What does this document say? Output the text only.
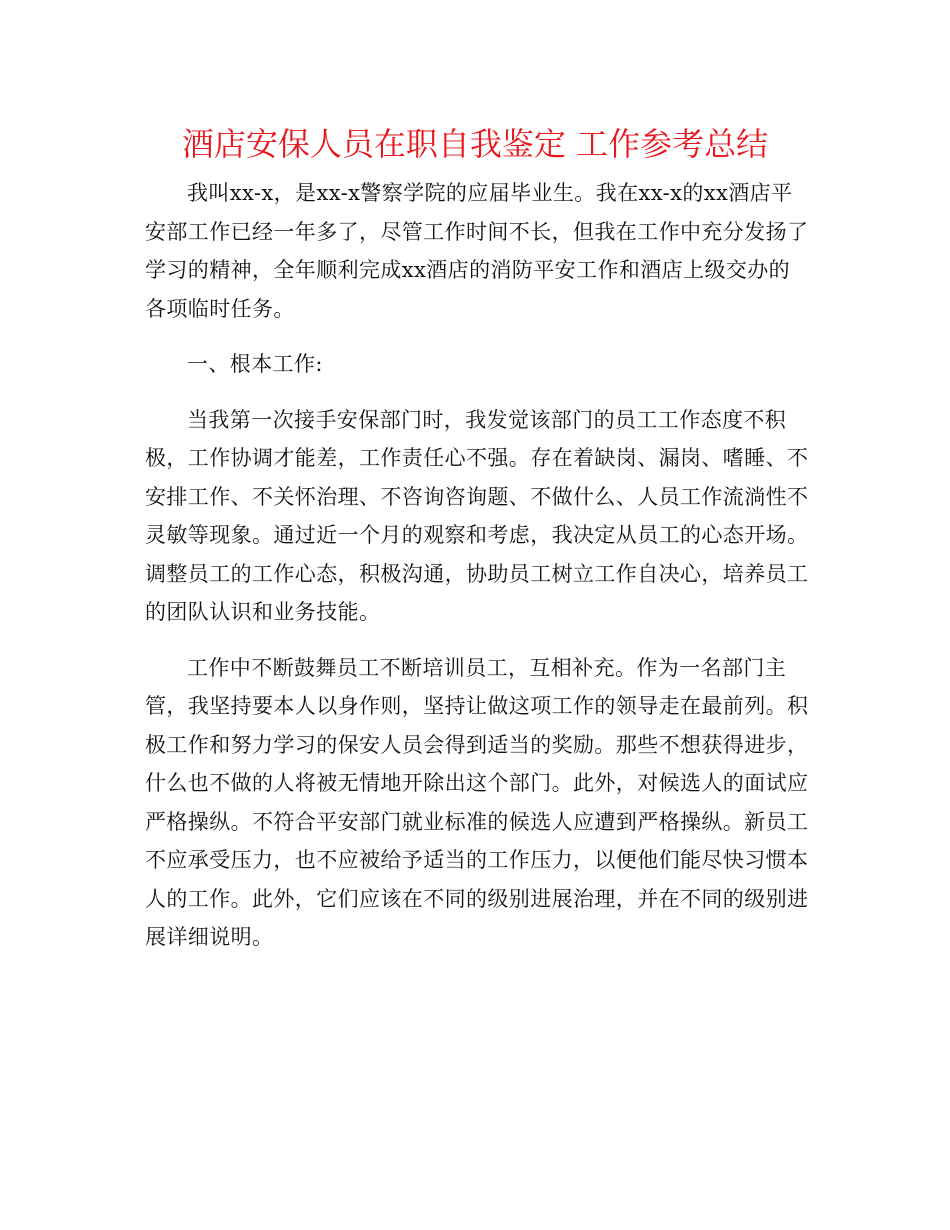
酒店安保人员在职自我鉴定 工作参考总结

我叫xx-x，是xx-x警察学院的应届毕业生。我在xx-x的xx酒店平安部工作已经一年多了，尽管工作时间不长，但我在工作中充分发扬了学习的精神，全年顺利完成xx酒店的消防平安工作和酒店上级交办的各项临时任务。

一、根本工作:

当我第一次接手安保部门时，我发觉该部门的员工工作态度不积极，工作协调才能差，工作责任心不强。存在着缺岗、漏岗、嗜睡、不安排工作、不关怀治理、不咨询咨询题、不做什么、人员工作流淌性不灵敏等现象。通过近一个月的观察和考虑，我决定从员工的心态开场。调整员工的工作心态，积极沟通，协助员工树立工作自决心，培养员工的团队认识和业务技能。

工作中不断鼓舞员工不断培训员工，互相补充。作为一名部门主管，我坚持要本人以身作则，坚持让做这项工作的领导走在最前列。积极工作和努力学习的保安人员会得到适当的奖励。那些不想获得进步，什么也不做的人将被无情地开除出这个部门。此外，对候选人的面试应严格操纵。不符合平安部门就业标准的候选人应遭到严格操纵。新员工不应承受压力，也不应被给予适当的工作压力，以便他们能尽快习惯本人的工作。此外，它们应该在不同的级别进展治理，并在不同的级别进展详细说明。
